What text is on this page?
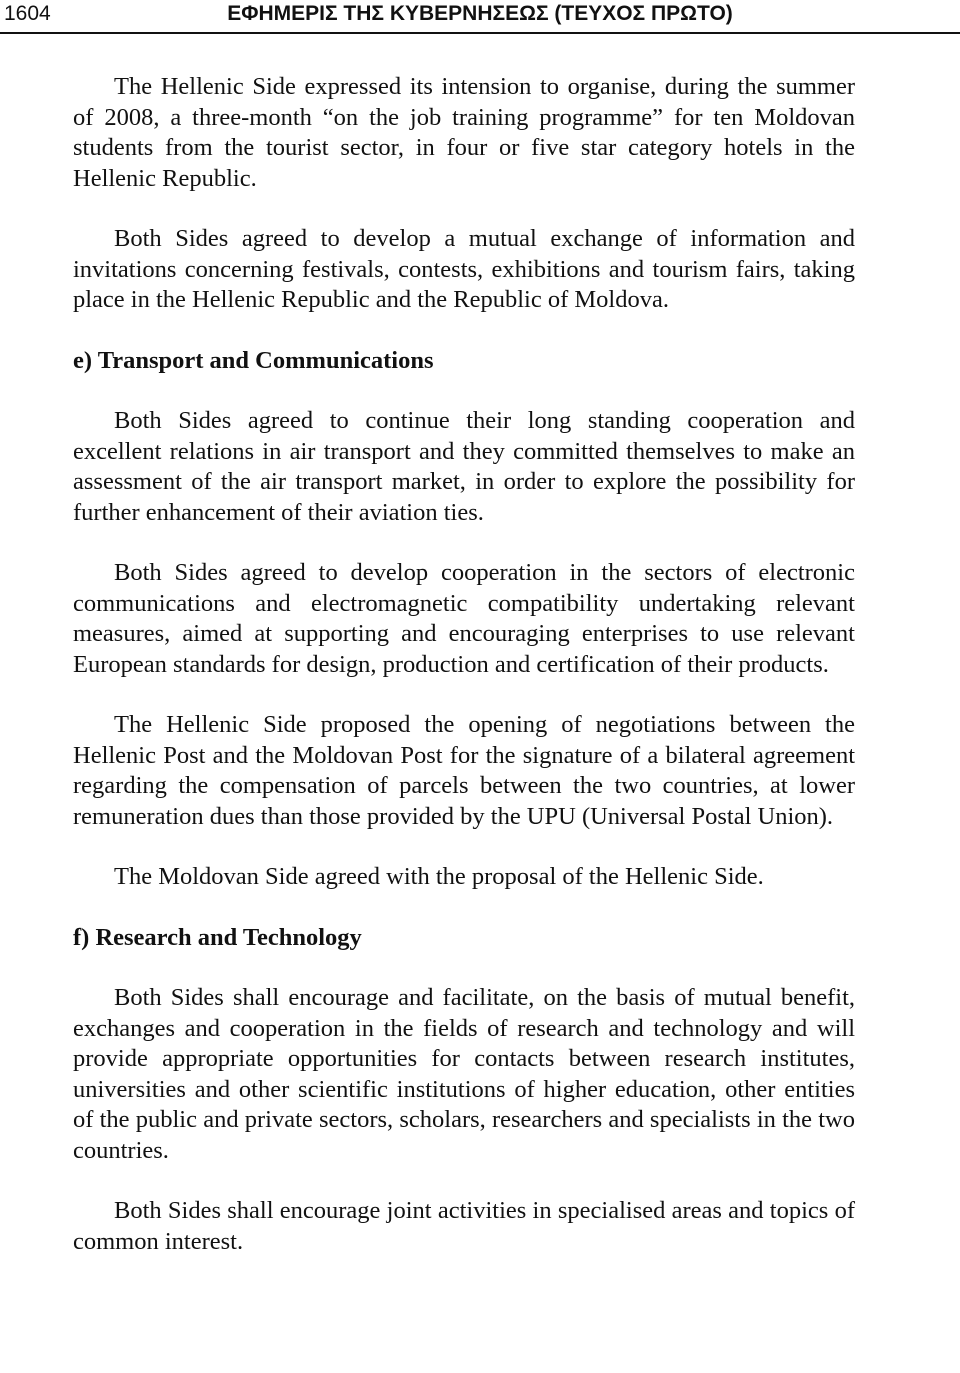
1604	ΕΦΗΜΕΡΙΣ ΤΗΣ ΚΥΒΕΡΝΗΣΕΩΣ (ΤΕΥΧΟΣ ΠΡΩΤΟ)

The Hellenic Side expressed its intension to organise, during the summer of 2008, a three-month “on the job training programme” for ten Moldovan students from the tourist sector, in four or five star category hotels in the Hellenic Republic.

Both Sides agreed to develop a mutual exchange of information and invitations concerning festivals, contests, exhibitions and tourism fairs, taking place in the Hellenic Republic and the Republic of Moldova.

e) Transport and Communications

Both Sides agreed to continue their long standing cooperation and excellent relations in air transport and they committed themselves to make an assessment of the air transport market, in order to explore the possibility for further enhancement of their aviation ties.

Both Sides agreed to develop cooperation in the sectors of electronic communications and electromagnetic compatibility undertaking relevant measures, aimed at supporting and encouraging enterprises to use relevant European standards for design, production and certification of their products.

The Hellenic Side proposed the opening of negotiations between the Hellenic Post and the Moldovan Post for the signature of a bilateral agreement regarding the compensation of parcels between the two countries, at lower remuneration dues than those provided by the UPU (Universal Postal Union).

The Moldovan Side agreed with the proposal of the Hellenic Side.

f) Research and Technology

Both Sides shall encourage and facilitate, on the basis of mutual benefit, exchanges and cooperation in the fields of research and technology and will provide appropriate opportunities for contacts between research institutes, universities and other scientific institutions of higher education, other entities of the public and private sectors, scholars, researchers and specialists in the two countries.

Both Sides shall encourage joint activities in specialised areas and topics of common interest.
